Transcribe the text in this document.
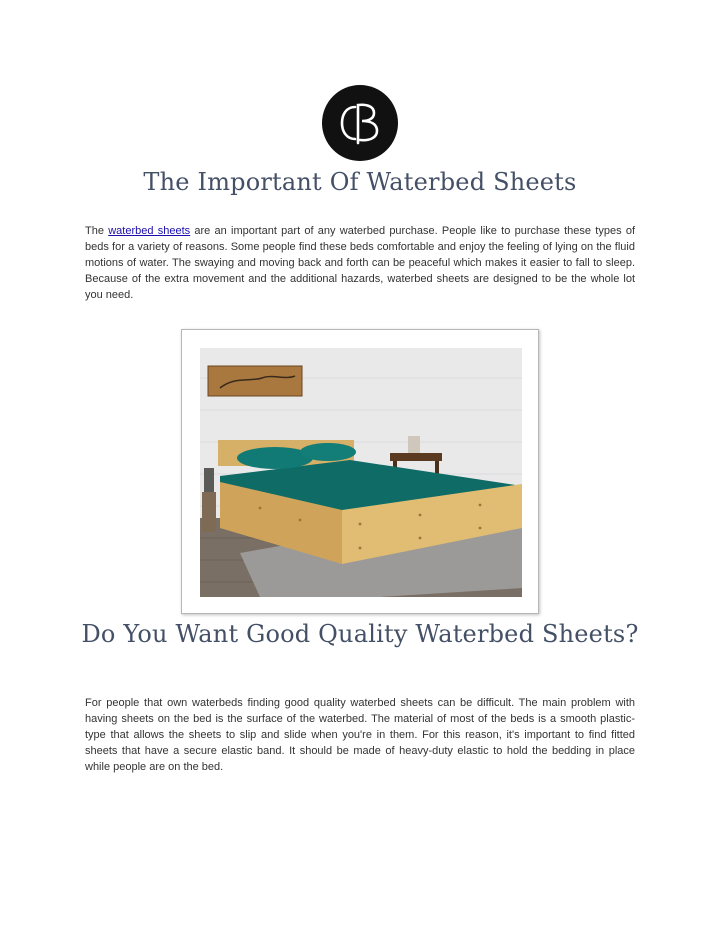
The Important Of Waterbed Sheets

The waterbed sheets are an important part of any waterbed purchase. People like to purchase these types of beds for a variety of reasons. Some people find these beds comfortable and enjoy the feeling of lying on the fluid motions of water. The swaying and moving back and forth can be peaceful which makes it easier to fall to sleep. Because of the extra movement and the additional hazards, waterbed sheets are designed to be the whole lot you need.

Do You Want Good Quality Waterbed Sheets?

For people that own waterbeds finding good quality waterbed sheets can be difficult. The main problem with having sheets on the bed is the surface of the waterbed. The material of most of the beds is a smooth plastic-type that allows the sheets to slip and slide when you're in them. For this reason, it's important to find fitted sheets that have a secure elastic band. It should be made of heavy-duty elastic to hold the bedding in place while people are on the bed.
